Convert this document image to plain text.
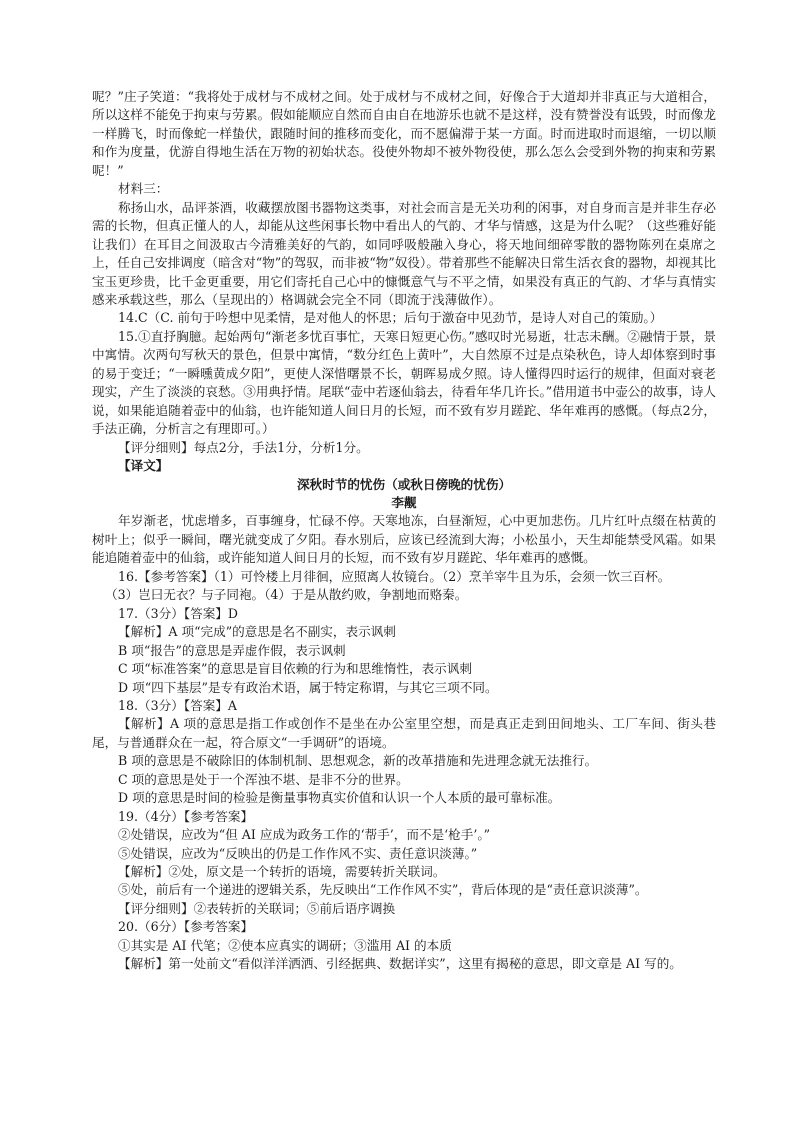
呢？”庄子笑道：“我将处于成材与不成材之间。处于成材与不成材之间，好像合于大道却并非真正与大道相合，所以这样不能免于拘束与劳累。假如能顺应自然而自由自在地游乐也就不是这样，没有赞誉没有诋毁，时而像龙一样腾飞，时而像蛇一样蛰伏，跟随时间的推移而变化，而不愿偏滞于某一方面。时而进取时而退缩，一切以顺和作为度量，优游自得地生活在万物的初始状态。役使外物却不被外物役使，那么怎么会受到外物的拘束和劳累呢！”

材料三：

称扬山水，品评茶酒，收藏摆放图书器物这类事，对社会而言是无关功利的闲事，对自身而言是并非生存必需的长物，但真正懂人的人，却能从这些闲事长物中看出人的气韵、才华与情感，这是为什么呢？（这些雅好能让我们）在耳目之间汲取古今清雅美好的气韵，如同呼吸般融入身心，将天地间细碎零散的器物陈列在桌席之上，任自己安排调度（暗含对“物”的驾驭，而非被“物”奴役）。带着那些不能解决日常生活衣食的器物，却视其比宝玉更珍贵，比千金更重要，用它们寄托自己心中的慷慨意气与不平之情，如果没有真正的气韵、才华与真情实感来承载这些，那么（呈现出的）格调就会完全不同（即流于浅薄做作）。

14.C（C. 前句于吟想中见柔情，是对他人的怀思；后句于激奋中见劲节，是诗人对自己的策励。）

15.①直抒胸臆。起始两句“渐老多忧百事忙，天寒日短更心伤。”感叹时光易逝，壮志未酬。②融情于景，景中寓情。次两句写秋天的景色，但景中寓情，“数分红色上黄叶”，大自然原不过是点染秋色，诗人却体察到时事的易于变迁；“一瞬曛黄成夕阳”，更使人深惜曙景不长，朝晖易成夕照。诗人懂得四时运行的规律，但面对衰老现实，产生了淡淡的哀愁。③用典抒情。尾联“壶中若逐仙翁去，待看年华几许长。”借用道书中壶公的故事，诗人说，如果能追随着壶中的仙翁，也许能知道人间日月的长短，而不致有岁月蹉跎、华年难再的感慨。（每点2分，手法正确，分析言之有理即可。）

【评分细则】每点2分，手法1分，分析1分。

【译文】

深秋时节的忧伤（或秋日傍晚的忧伤）

李觏

年岁渐老，忧虑增多，百事缠身，忙碌不停。天寒地冻，白昼渐短，心中更加悲伤。几片红叶点缀在枯黄的树叶上；似乎一瞬间，曙光就变成了夕阳。春水别后，应该已经流到大海；小松虽小，天生却能禁受风霜。如果能追随着壶中的仙翁，或许能知道人间日月的长短，而不致有岁月蹉跎、华年难再的感慨。

16.【参考答案】（1）可怜楼上月徘徊，应照离人妆镜台。（2）烹羊宰牛且为乐，会须一饮三百杯。

（3）岂曰无衣？与子同袍。（4）于是从散约败，争割地而赂秦。

17.（3分）【答案】D

【解析】A 项“完成”的意思是名不副实，表示讽刺

B 项“报告”的意思是弄虚作假，表示讽刺

C 项“标准答案”的意思是盲目依赖的行为和思维惰性，表示讽刺

D 项“四下基层”是专有政治术语，属于特定称谓，与其它三项不同。

18.（3分）【答案】A

【解析】A 项的意思是指工作或创作不是坐在办公室里空想，而是真正走到田间地头、工厂车间、街头巷尾，与普通群众在一起，符合原文“一手调研”的语境。

B 项的意思是不破除旧的体制机制、思想观念，新的改革措施和先进理念就无法推行。

C 项的意思是处于一个浑浊不堪、是非不分的世界。

D 项的意思是时间的检验是衡量事物真实价值和认识一个人本质的最可靠标准。

19.（4分）【参考答案】

②处错误，应改为“但 AI 应成为政务工作的‘帮手’，而不是‘枪手’。”

⑤处错误，应改为“反映出的仍是工作作风不实、责任意识淡薄。”

【解析】②处，原文是一个转折的语境，需要转折关联词。

⑤处，前后有一个递进的逻辑关系，先反映出“工作作风不实”，背后体现的是“责任意识淡薄”。

【评分细则】②表转折的关联词；⑤前后语序调换

20.（6分）【参考答案】

①其实是 AI 代笔；②使本应真实的调研；③滥用 AI 的本质

【解析】第一处前文“看似洋洋洒洒、引经据典、数据详实”，这里有揭秘的意思，即文章是 AI 写的。
